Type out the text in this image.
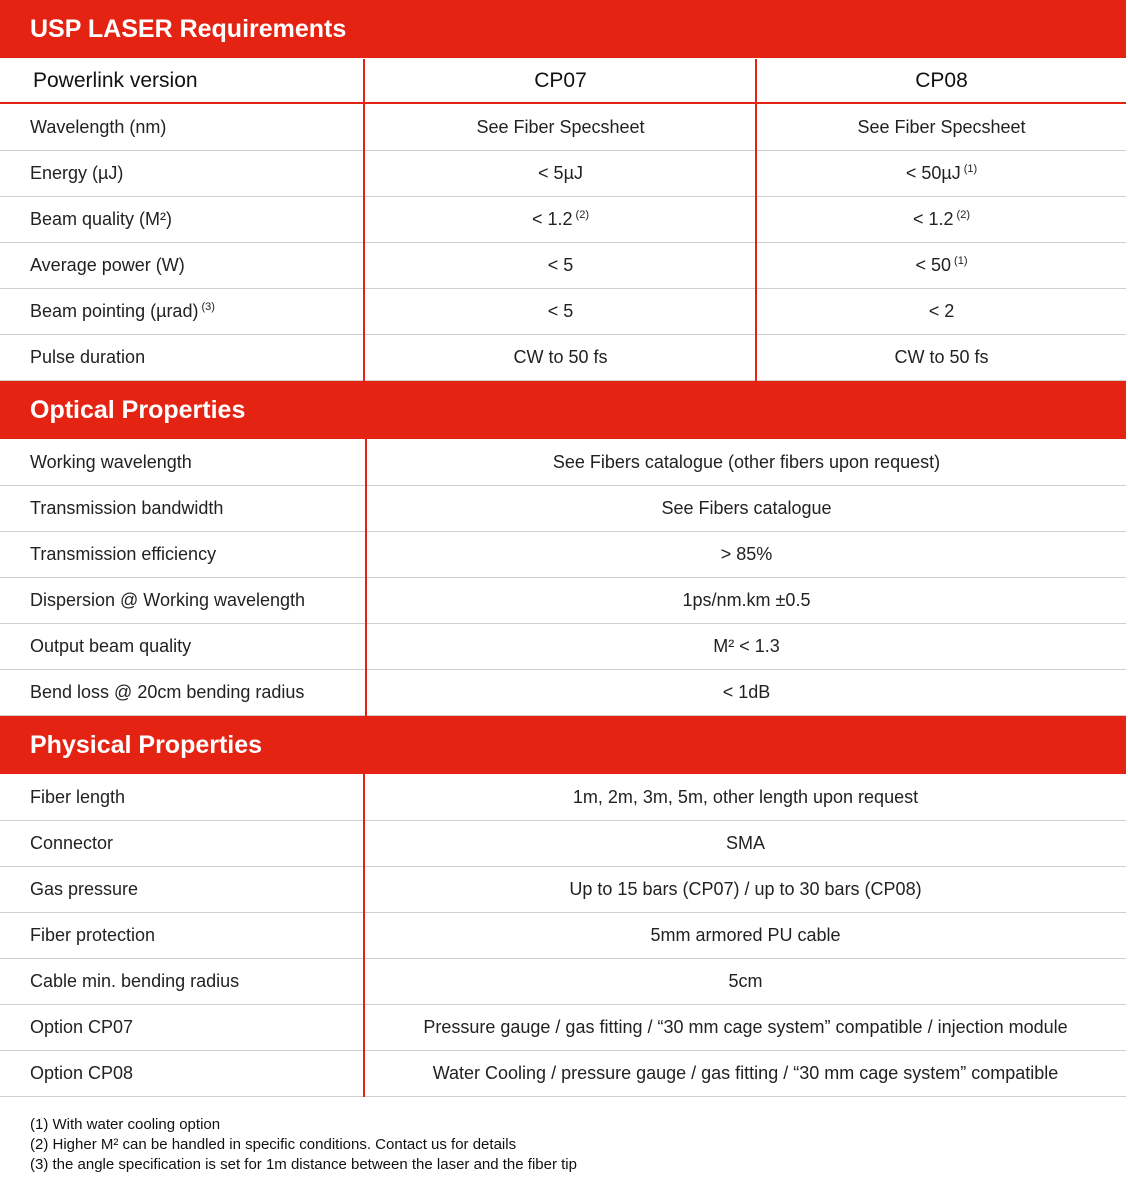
USP LASER Requirements
Powerlink version	CP07	CP08
Wavelength (nm)	See Fiber Specsheet	See Fiber Specsheet
Energy (µJ)	< 5µJ	< 50µJ $^{(1)}$
Beam quality (M²)	< 1.2 $^{(2)}$	< 1.2 $^{(2)}$
Average power (W)	< 5	< 50 $^{(1)}$
Beam pointing (µrad) $^{(3)}$	< 5	< 2
Pulse duration	CW to 50 fs	CW to 50 fs
Optical Properties
Working wavelength	See Fibers catalogue (other fibers upon request)
Transmission bandwidth	See Fibers catalogue
Transmission efficiency	> 85%
Dispersion @ Working wavelength	1ps/nm.km ±0.5
Output beam quality	M² < 1.3
Bend loss @ 20cm bending radius	< 1dB
Physical Properties
Fiber length	1m, 2m, 3m, 5m, other length upon request
Connector	SMA
Gas pressure	Up to 15 bars (CP07) / up to 30 bars (CP08)
Fiber protection	5mm armored PU cable
Cable min. bending radius	5cm
Option CP07	Pressure gauge / gas fitting / “30 mm cage system” compatible / injection module
Option CP08	Water Cooling / pressure gauge / gas fitting / “30 mm cage system” compatible
(1) With water cooling option
(2) Higher M² can be handled in specific conditions. Contact us for details
(3) the angle specification is set for 1m distance between the laser and the fiber tip
